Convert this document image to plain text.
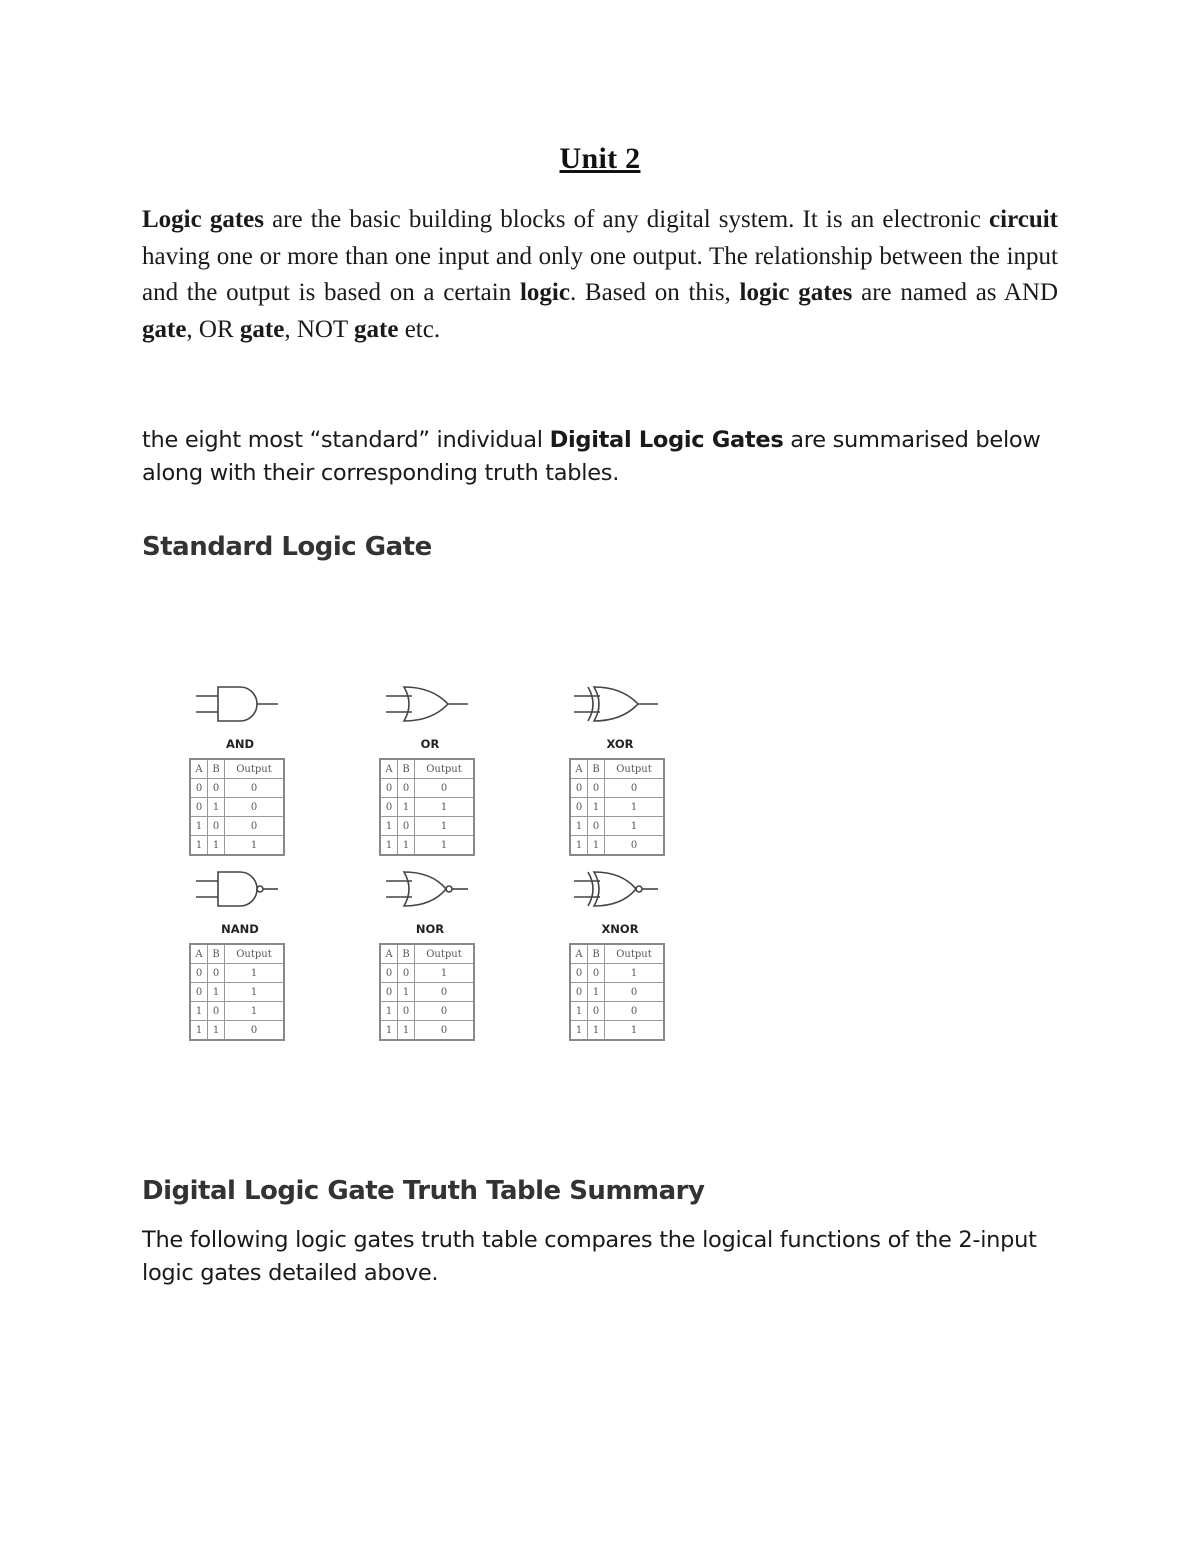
Unit 2
Logic gates are the basic building blocks of any digital system. It is an electronic circuit having one or more than one input and only one output. The relationship between the input and the output is based on a certain logic. Based on this, logic gates are named as AND gate, OR gate, NOT gate etc.
the eight most “standard” individual Digital Logic Gates are summarised below along with their corresponding truth tables.
Standard Logic Gate
AND
A	B	Output
0	0	0
0	1	0
1	0	0
1	1	1
OR
A	B	Output
0	0	0
0	1	1
1	0	1
1	1	1
XOR
A	B	Output
0	0	0
0	1	1
1	0	1
1	1	0
NAND
A	B	Output
0	0	1
0	1	1
1	0	1
1	1	0
NOR
A	B	Output
0	0	1
0	1	0
1	0	0
1	1	0
XNOR
A	B	Output
0	0	1
0	1	0
1	0	0
1	1	1
Digital Logic Gate Truth Table Summary
The following logic gates truth table compares the logical functions of the 2-input logic gates detailed above.
